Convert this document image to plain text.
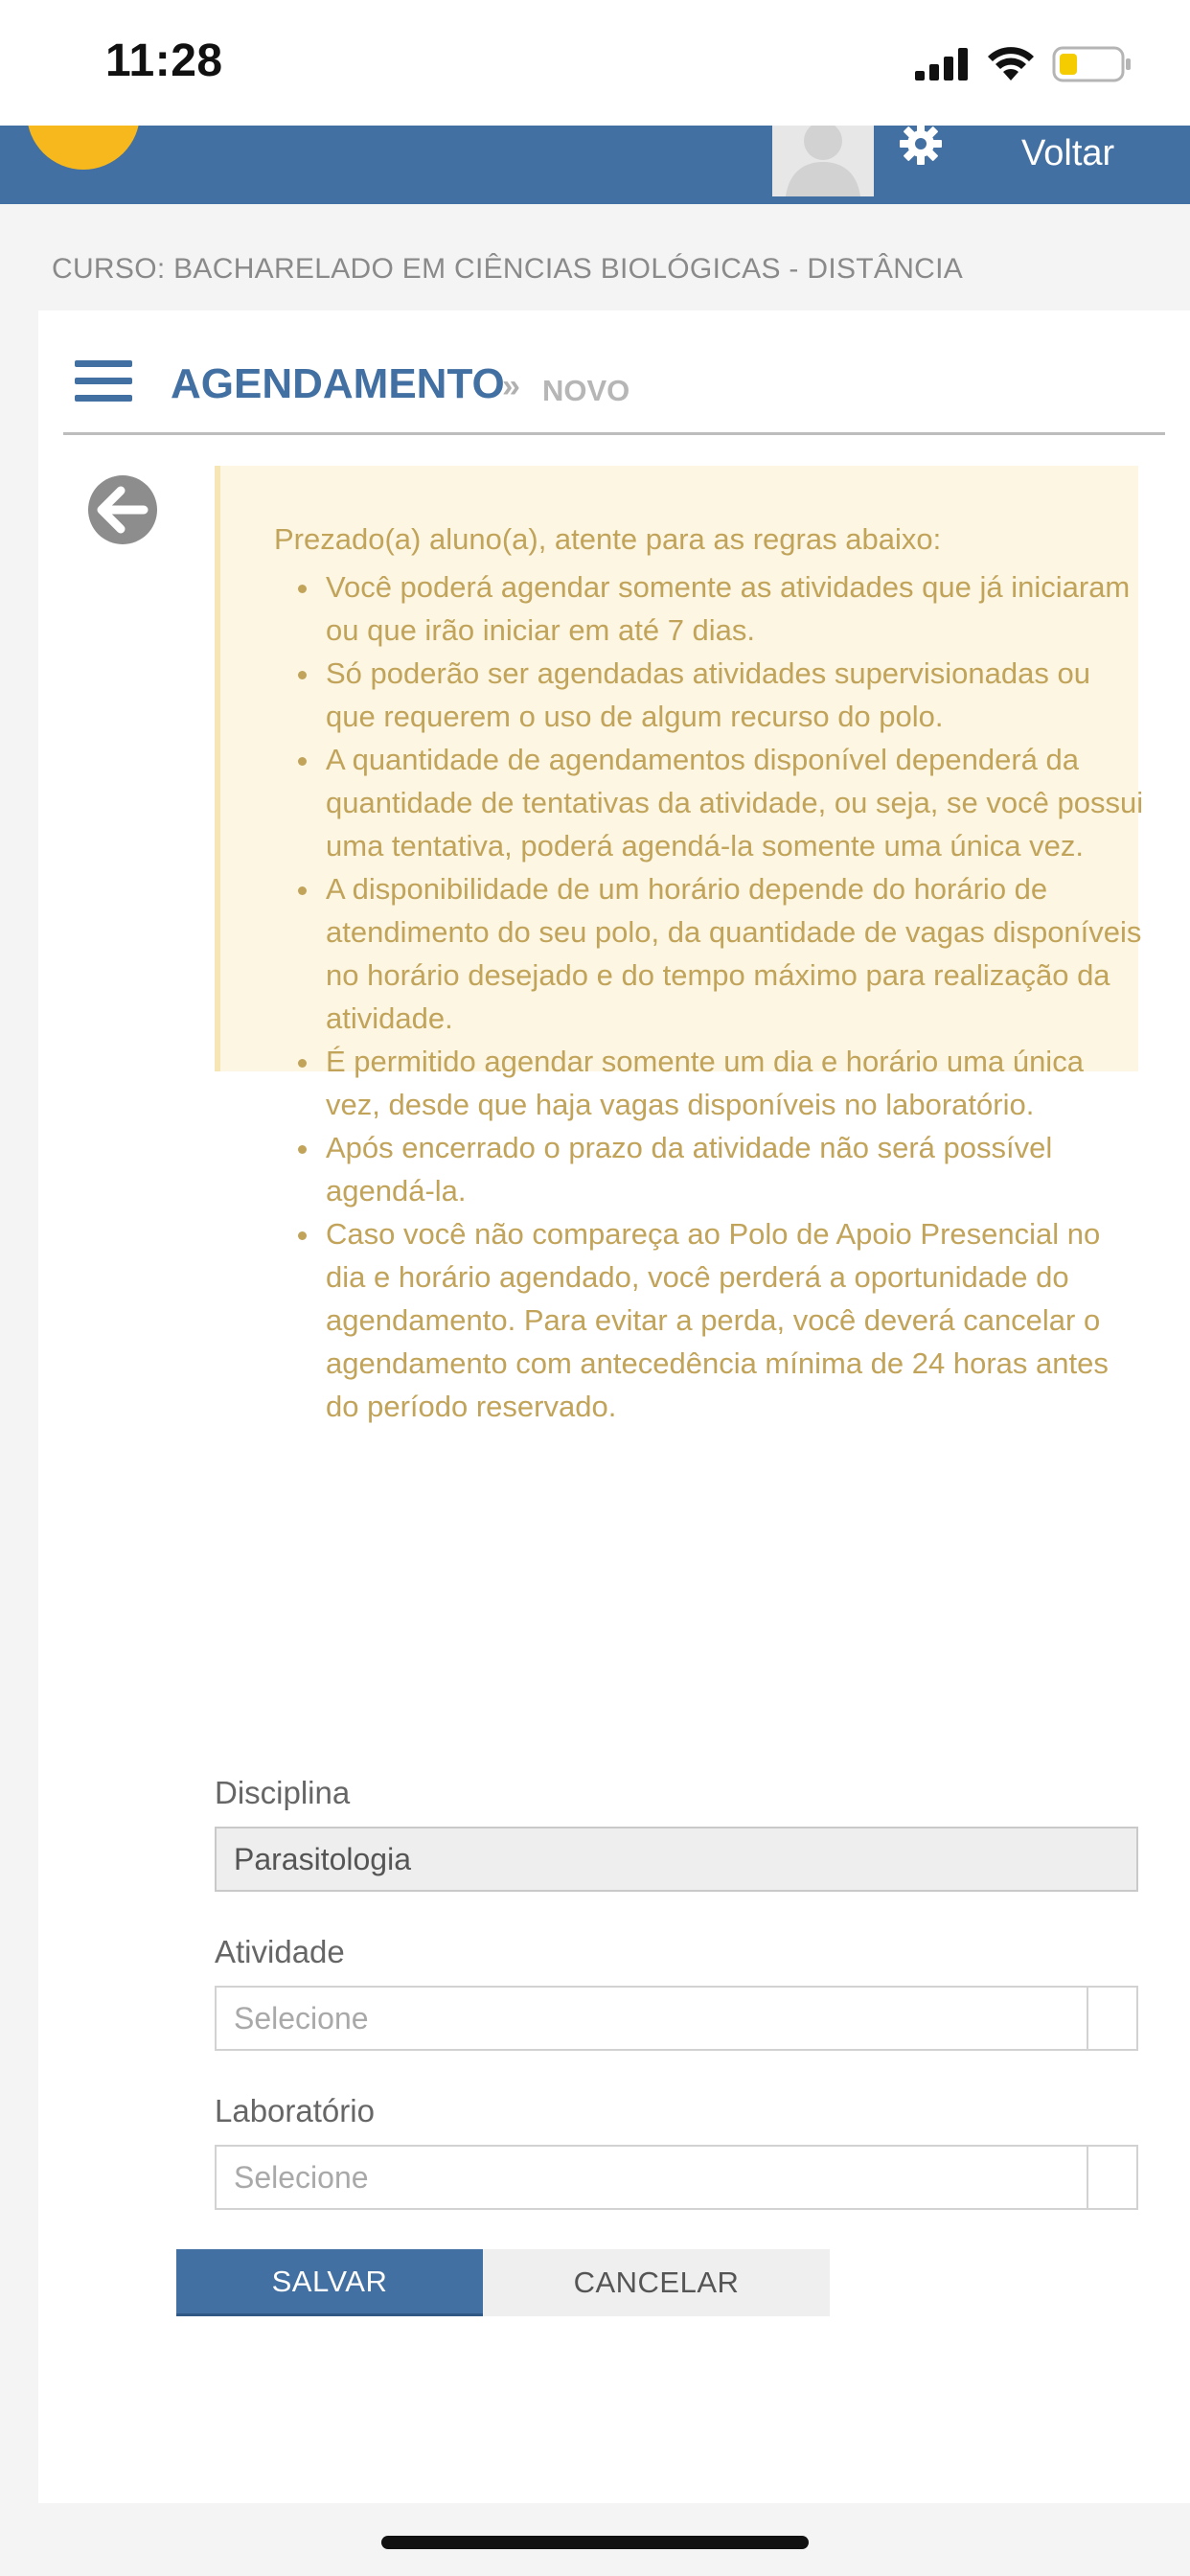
11:28
Voltar
CURSO: BACHARELADO EM CIÊNCIAS BIOLÓGICAS - DISTÂNCIA
AGENDAMENTO
» NOVO
Prezado(a) aluno(a), atente para as regras abaixo:
• Você poderá agendar somente as atividades que já iniciaram ou que irão iniciar em até 7 dias.
• Só poderão ser agendadas atividades supervisionadas ou que requerem o uso de algum recurso do polo.
• A quantidade de agendamentos disponível dependerá da quantidade de tentativas da atividade, ou seja, se você possui uma tentativa, poderá agendá-la somente uma única vez.
• A disponibilidade de um horário depende do horário de atendimento do seu polo, da quantidade de vagas disponíveis no horário desejado e do tempo máximo para realização da atividade.
• É permitido agendar somente um dia e horário uma única vez, desde que haja vagas disponíveis no laboratório.
• Após encerrado o prazo da atividade não será possível agendá-la.
• Caso você não compareça ao Polo de Apoio Presencial no dia e horário agendado, você perderá a oportunidade do agendamento. Para evitar a perda, você deverá cancelar o agendamento com antecedência mínima de 24 horas antes do período reservado.
Disciplina
Parasitologia
Atividade
Selecione
Laboratório
Selecione
SALVAR	CANCELAR
